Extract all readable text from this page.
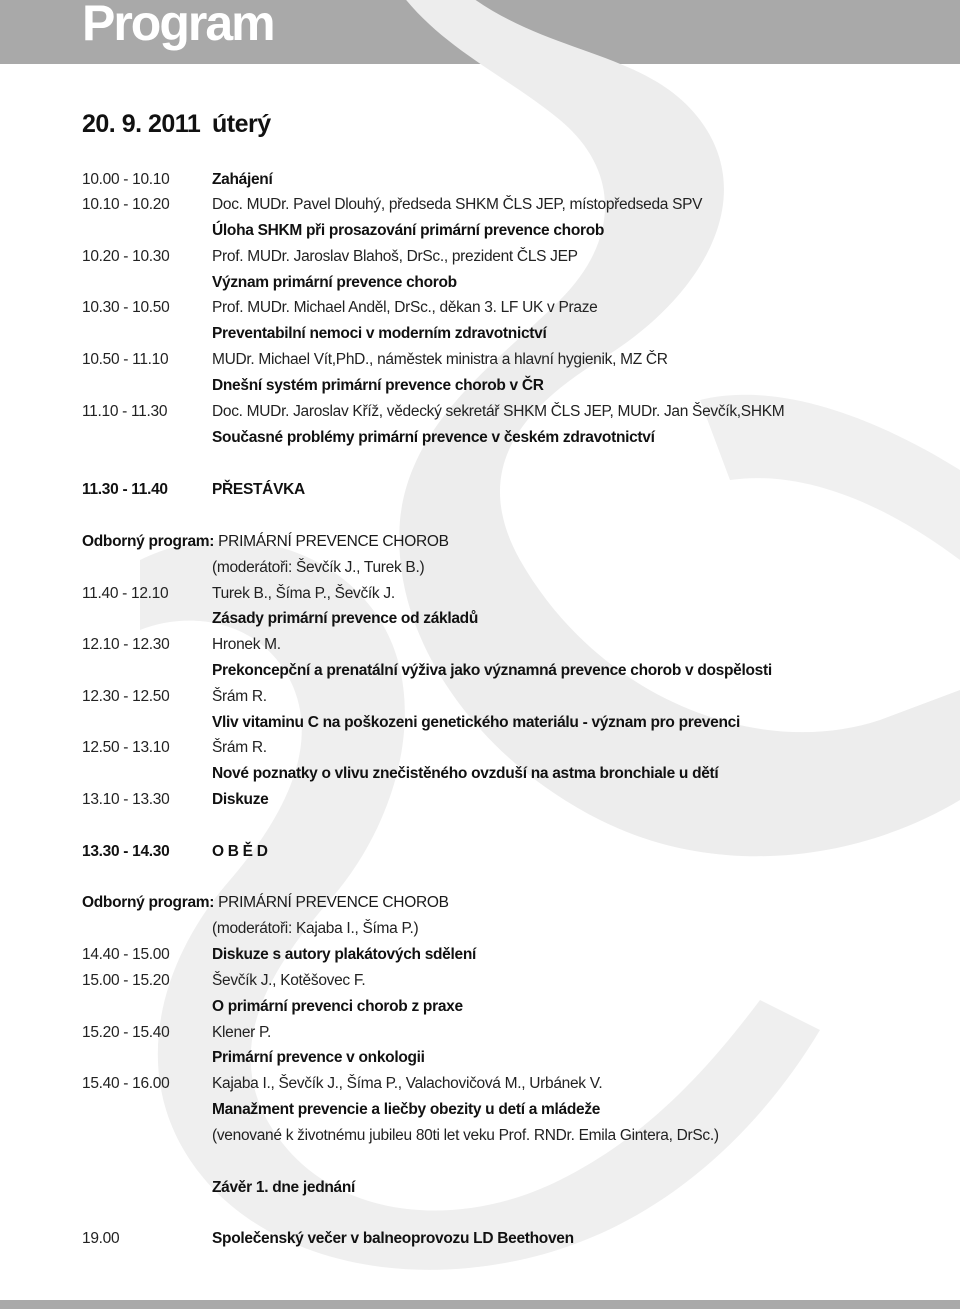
Program
20. 9. 2011 úterý
10.00 - 10.10	Zahájení
10.10 - 10.20	Doc. MUDr. Pavel Dlouhý, předseda SHKM ČLS JEP, místopředseda SPV
Úloha SHKM při prosazování primární prevence chorob
10.20 - 10.30	Prof. MUDr. Jaroslav Blahoš, DrSc., prezident ČLS JEP
Význam primární prevence chorob
10.30 - 10.50	Prof. MUDr. Michael Anděl, DrSc., děkan 3. LF UK v Praze
Preventabilní nemoci v moderním zdravotnictví
10.50 - 11.10	MUDr. Michael Vít,PhD., náměstek ministra a hlavní hygienik, MZ ČR
Dnešní systém primární prevence chorob v ČR
11.10 - 11.30	Doc. MUDr. Jaroslav Kříž, vědecký sekretář SHKM ČLS JEP, MUDr. Jan Ševčík,SHKM
Současné problémy primární prevence v českém zdravotnictví
11.30 - 11.40	PŘESTÁVKA
Odborný program: PRIMÁRNÍ PREVENCE CHOROB
(moderátoři: Ševčík J., Turek B.)
11.40 - 12.10	Turek B., Šíma P., Ševčík J.
Zásady primární prevence od základů
12.10 - 12.30	Hronek M.
Prekoncepční a prenatální výživa jako významná prevence chorob v dospělosti
12.30 - 12.50	Šrám R.
Vliv vitaminu C na poškozeni genetického materiálu - význam pro prevenci
12.50 - 13.10	Šrám R.
Nové poznatky o vlivu znečistěného ovzduší na astma bronchiale u dětí
13.10 - 13.30	Diskuze
13.30 - 14.30	O B Ě D
Odborný program: PRIMÁRNÍ PREVENCE CHOROB
(moderátoři: Kajaba I., Šíma P.)
14.40 - 15.00	Diskuze s autory plakátových sdělení
15.00 - 15.20	Ševčík J., Kotěšovec F.
O primární prevenci chorob z praxe
15.20 - 15.40	Klener P.
Primární prevence v onkologii
15.40 - 16.00	Kajaba I., Ševčík J., Šíma P., Valachovičová M., Urbánek V.
Manažment prevencie a liečby obezity u detí a mládeže
(venované k životnému jubileu 80ti let veku Prof. RNDr. Emila Gintera, DrSc.)
Závěr 1. dne jednání
19.00	Společenský večer v balneoprovozu LD Beethoven
